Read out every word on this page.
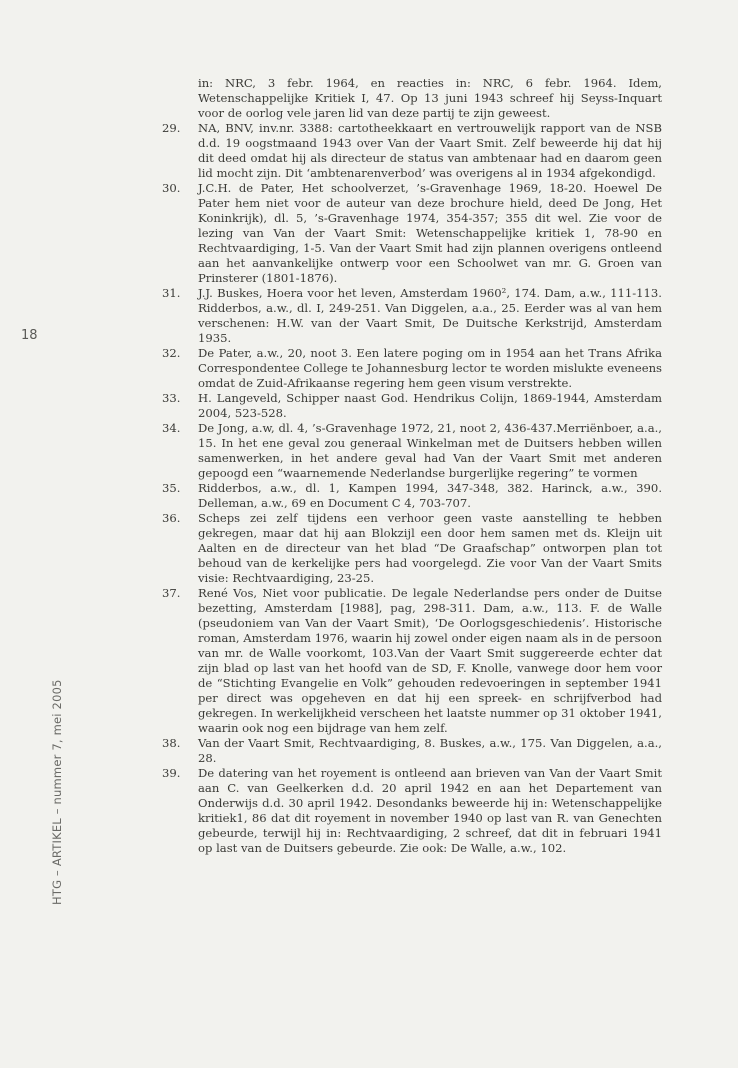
18
HTG – ARTIKEL – nummer 7, mei 2005

in: NRC, 3 febr. 1964, en reacties in: NRC, 6 febr. 1964. Idem, Wetenschappelijke Kritiek I, 47. Op 13 juni 1943 schreef hij Seyss-Inquart voor de oorlog vele jaren lid van deze partij te zijn geweest.

29. NA, BNV, inv.nr. 3388: cartotheekkaart en vertrouwelijk rapport van de NSB d.d. 19 oogstmaand 1943 over Van der Vaart Smit. Zelf beweerde hij dat hij dit deed omdat hij als directeur de status van ambtenaar had en daarom geen lid mocht zijn. Dit ‘ambtenarenverbod’ was overigens al in 1934 afgekondigd.

30. J.C.H. de Pater, Het schoolverzet, ’s-Gravenhage 1969, 18-20. Hoewel De Pater hem niet voor de auteur van deze brochure hield, deed De Jong, Het Koninkrijk), dl. 5, ’s-Gravenhage 1974, 354-357; 355 dit wel. Zie voor de lezing van Van der Vaart Smit: Wetenschappelijke kritiek 1, 78-90 en Rechtvaardiging, 1-5. Van der Vaart Smit had zijn plannen overigens ontleend aan het aanvankelijke ontwerp voor een Schoolwet van mr. G. Groen van Prinsterer (1801-1876).

31. J.J. Buskes, Hoera voor het leven, Amsterdam 1960², 174. Dam, a.w., 111-113. Ridderbos, a.w., dl. I, 249-251. Van Diggelen, a.a., 25. Eerder was al van hem verschenen: H.W. van der Vaart Smit, De Duitsche Kerkstrijd, Amsterdam 1935.

32. De Pater, a.w., 20, noot 3. Een latere poging om in 1954 aan het Trans Afrika Correspondentee College te Johannesburg lector te worden mislukte eveneens omdat de Zuid-Afrikaanse regering hem geen visum verstrekte.

33. H. Langeveld, Schipper naast God. Hendrikus Colijn, 1869-1944, Amsterdam 2004, 523-528.

34. De Jong, a.w, dl. 4, ’s-Gravenhage 1972, 21, noot 2, 436-437.Merriënboer, a.a., 15. In het ene geval zou generaal Winkelman met de Duitsers hebben willen samenwerken, in het andere geval had Van der Vaart Smit met anderen gepoogd een “waarnemende Nederlandse burgerlijke regering” te vormen

35. Ridderbos, a.w., dl. 1, Kampen 1994, 347-348, 382. Harinck, a.w., 390. Delleman, a.w., 69 en Document C 4, 703-707.

36. Scheps zei zelf tijdens een verhoor geen vaste aanstelling te hebben gekregen, maar dat hij aan Blokzijl een door hem samen met ds. Kleijn uit Aalten en de directeur van het blad “De Graafschap” ontworpen plan tot behoud van de kerkelijke pers had voorgelegd. Zie voor Van der Vaart Smits visie: Rechtvaardiging, 23-25.

37. René Vos, Niet voor publicatie. De legale Nederlandse pers onder de Duitse bezetting, Amsterdam [1988], pag, 298-311. Dam, a.w., 113. F. de Walle (pseudoniem van Van der Vaart Smit), ‘De Oorlogsgeschiedenis’. Historische roman, Amsterdam 1976, waarin hij zowel onder eigen naam als in de persoon van mr. de Walle voorkomt, 103.Van der Vaart Smit suggereerde echter dat zijn blad op last van het hoofd van de SD, F. Knolle, vanwege door hem voor de “Stichting Evangelie en Volk” gehouden redevoeringen in september 1941 per direct was opgeheven en dat hij een spreek- en schrijfverbod had gekregen. In werkelijkheid verscheen het laatste nummer op 31 oktober 1941, waarin ook nog een bijdrage van hem zelf.

38. Van der Vaart Smit, Rechtvaardiging, 8. Buskes, a.w., 175. Van Diggelen, a.a., 28.

39. De datering van het royement is ontleend aan brieven van Van der Vaart Smit aan C. van Geelkerken d.d. 20 april 1942 en aan het Departement van Onderwijs d.d. 30 april 1942. Desondanks beweerde hij in: Wetenschappelijke kritiek1, 86 dat dit royement in november 1940 op last van R. van Genechten gebeurde, terwijl hij in: Rechtvaardiging, 2 schreef, dat dit in februari 1941 op last van de Duitsers gebeurde. Zie ook: De Walle, a.w., 102.
